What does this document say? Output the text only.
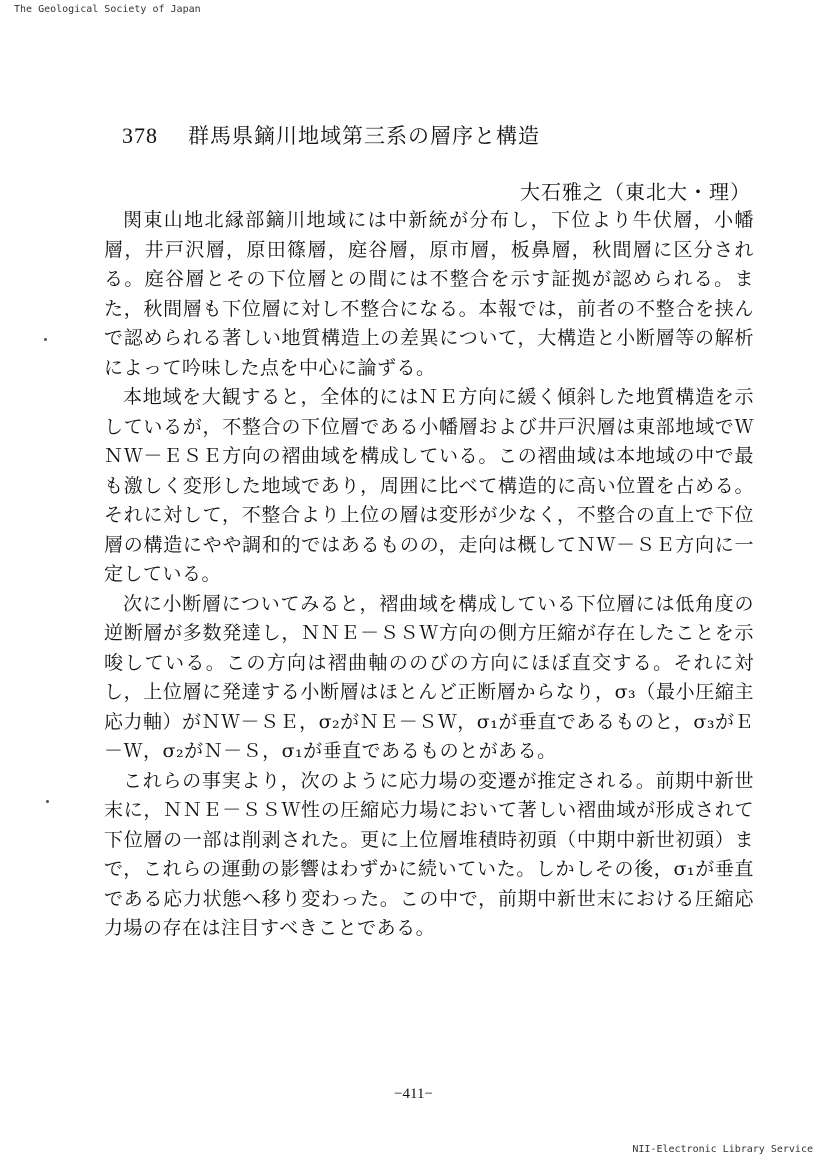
The Geological Society of Japan
378 群馬県鏑川地域第三系の層序と構造
大石雅之（東北大・理）

関東山地北縁部鏑川地域には中新統が分布し，下位より牛伏層，小幡層，井戸沢層，原田篠層，庭谷層，原市層，板鼻層，秋間層に区分される。庭谷層とその下位層との間には不整合を示す証拠が認められる。また，秋間層も下位層に対し不整合になる。本報では，前者の不整合を挟んで認められる著しい地質構造上の差異について，大構造と小断層等の解析によって吟味した点を中心に論ずる。

本地域を大観すると，全体的にはＮＥ方向に緩く傾斜した地質構造を示しているが，不整合の下位層である小幡層および井戸沢層は東部地域でＷＮＷ－ＥＳＥ方向の褶曲域を構成している。この褶曲域は本地域の中で最も激しく変形した地域であり，周囲に比べて構造的に高い位置を占める。それに対して，不整合より上位の層は変形が少なく，不整合の直上で下位層の構造にやや調和的ではあるものの，走向は概してＮＷ－ＳＥ方向に一定している。

次に小断層についてみると，褶曲域を構成している下位層には低角度の逆断層が多数発達し，ＮＮＥ－ＳＳＷ方向の側方圧縮が存在したことを示唆している。この方向は褶曲軸ののびの方向にほぼ直交する。それに対し，上位層に発達する小断層はほとんど正断層からなり，σ₃（最小圧縮主応力軸）がＮＷ－ＳＥ，σ₂がＮＥ－ＳＷ，σ₁が垂直であるものと，σ₃がＥ－Ｗ，σ₂がＮ－Ｓ，σ₁が垂直であるものとがある。

これらの事実より，次のように応力場の変遷が推定される。前期中新世末に，ＮＮＥ－ＳＳＷ性の圧縮応力場において著しい褶曲域が形成されて下位層の一部は削剥された。更に上位層堆積時初頭（中期中新世初頭）まで，これらの運動の影響はわずかに続いていた。しかしその後，σ₁が垂直である応力状態へ移り変わった。この中で，前期中新世末における圧縮応力場の存在は注目すべきことである。

−411−
NII-Electronic Library Service
